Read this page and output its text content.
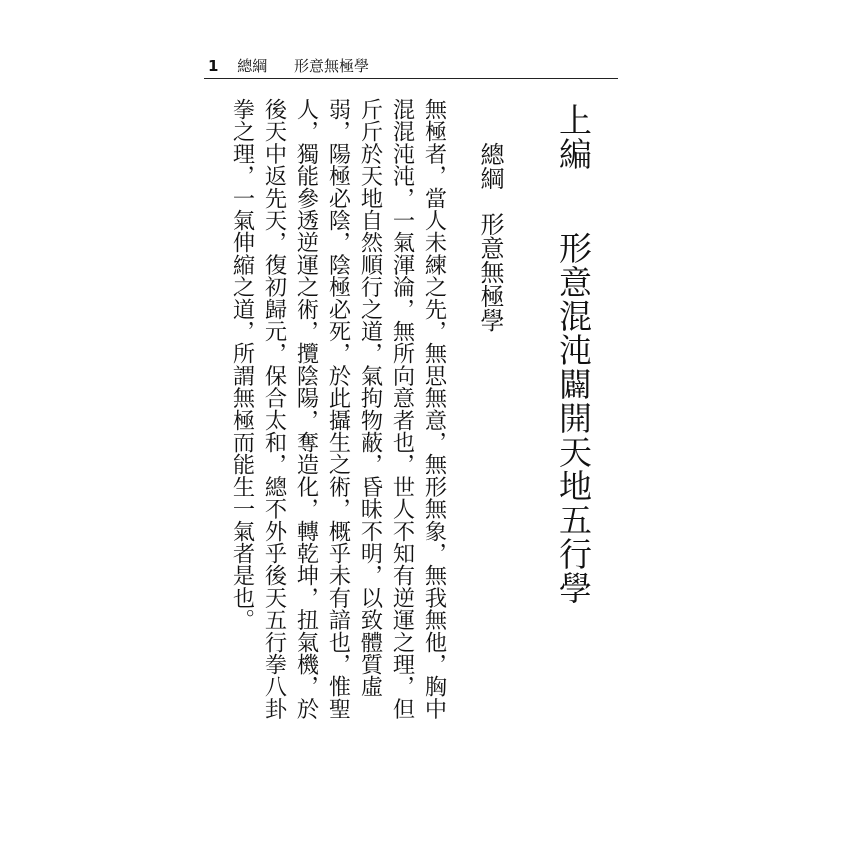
1 總綱 形意無極學
上編形意混沌闢開天地五行學
總綱形意無極學
無極者，當人未練之先，無思無意，無形無象，無我無他，胸中
混混沌沌，一氣渾淪，無所向意者也，世人不知有逆運之理，但
斤斤於天地自然順行之道，氣拘物蔽，昏昧不明，以致體質虛
弱，陽極必陰，陰極必死，於此攝生之術，概乎未有諳也，惟聖
人，獨能參透逆運之術，攬陰陽，奪造化，轉乾坤，扭氣機，於
後天中返先天，復初歸元，保合太和，總不外乎後天五行拳八卦
拳之理，一氣伸縮之道，所謂無極而能生一氣者是也。
